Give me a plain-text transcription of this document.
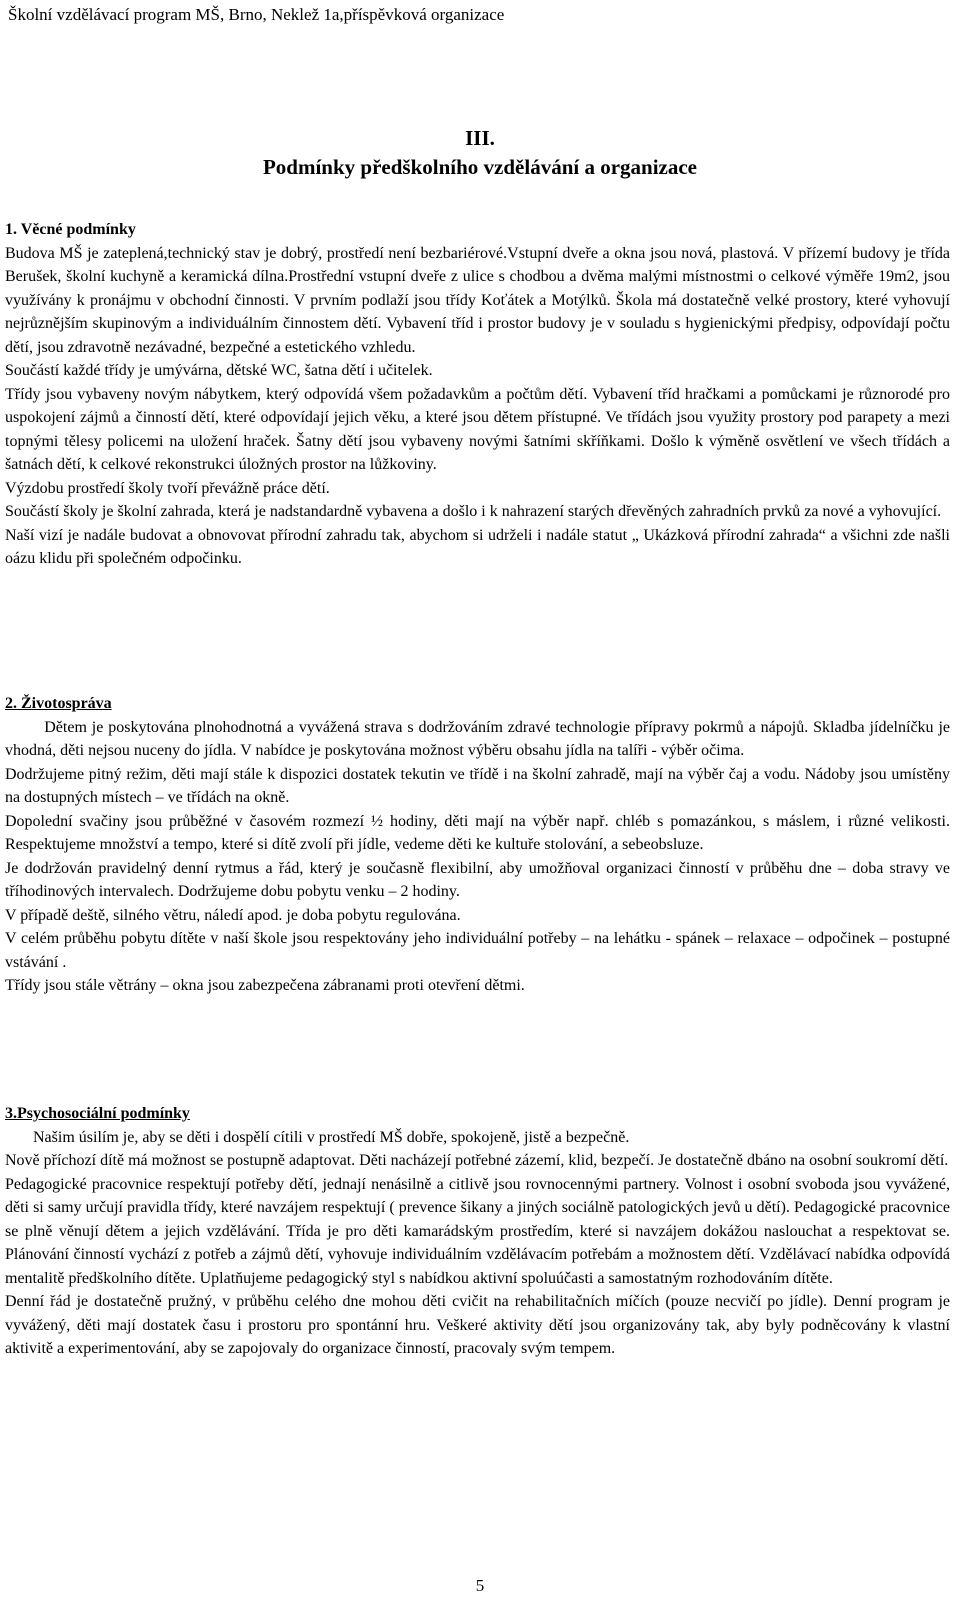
Školní vzdělávací program MŠ, Brno, Neklež 1a,příspěvková organizace
III.
Podmínky předškolního vzdělávání a organizace

1. Věcné podmínky

Budova MŠ je zateplená,technický stav je dobrý, prostředí není bezbariérové.Vstupní dveře a okna jsou nová, plastová. V přízemí budovy je třída Berušek, školní kuchyně a keramická dílna.Prostřední vstupní dveře z ulice s chodbou a dvěma malými místnostmi o celkové výměře 19m2, jsou využívány k pronájmu v obchodní činnosti. V prvním podlaží jsou třídy Koťátek a Motýlků. Škola má dostatečně velké prostory, které vyhovují nejrůznějším skupinovým a individuálním činnostem dětí. Vybavení tříd i prostor budovy je v souladu s hygienickými předpisy, odpovídají počtu dětí, jsou zdravotně nezávadné, bezpečné a estetického vzhledu.

Součástí každé třídy je umývárna, dětské WC, šatna dětí i učitelek.

Třídy jsou vybaveny novým nábytkem, který odpovídá všem požadavkům a počtům dětí. Vybavení tříd hračkami a pomůckami je různorodé pro uspokojení zájmů a činností dětí, které odpovídají jejich věku, a které jsou dětem přístupné. Ve třídách jsou využity prostory pod parapety a mezi topnými tělesy policemi na uložení hraček. Šatny dětí jsou vybaveny novými šatními skříňkami. Došlo k výměně osvětlení ve všech třídách a šatnách dětí, k celkové rekonstrukci úložných prostor na lůžkoviny.

Výzdobu prostředí školy tvoří převážně práce dětí.

Součástí školy je školní zahrada, která je nadstandardně vybavena a došlo i k nahrazení starých dřevěných zahradních prvků za nové a vyhovující.

Naší vizí je nadále budovat a obnovovat přírodní zahradu tak, abychom si udrželi i nadále statut „ Ukázková přírodní zahrada“ a všichni zde našli oázu klidu při společném odpočinku.

2. Životospráva

Dětem je poskytována plnohodnotná a vyvážená strava s dodržováním zdravé technologie přípravy pokrmů a nápojů. Skladba jídelníčku je vhodná, děti nejsou nuceny do jídla. V nabídce je poskytována možnost výběru obsahu jídla na talíři - výběr očima.

Dodržujeme pitný režim, děti mají stále k dispozici dostatek tekutin ve třídě i na školní zahradě, mají na výběr čaj a vodu. Nádoby jsou umístěny na dostupných místech – ve třídách na okně.

Dopolední svačiny jsou průběžné v časovém rozmezí ½ hodiny, děti mají na výběr např. chléb s pomazánkou, s máslem, i různé velikosti. Respektujeme množství a tempo, které si dítě zvolí při jídle, vedeme děti ke kultuře stolování, a sebeobsluze.

Je dodržován pravidelný denní rytmus a řád, který je současně flexibilní, aby umožňoval organizaci činností v průběhu dne – doba stravy ve tříhodinových intervalech. Dodržujeme dobu pobytu venku – 2 hodiny.

V případě deště, silného větru, náledí apod. je doba pobytu regulována.

V celém průběhu pobytu dítěte v naší škole jsou respektovány jeho individuální potřeby – na lehátku - spánek – relaxace – odpočinek – postupné vstávání .

Třídy jsou stále větrány – okna jsou zabezpečena zábranami proti otevření dětmi.

3.Psychosociální podmínky

Našim úsilím je, aby se děti i dospělí cítili v prostředí MŠ dobře, spokojeně, jistě a bezpečně.

Nově příchozí dítě má možnost se postupně adaptovat. Děti nacházejí potřebné zázemí, klid, bezpečí. Je dostatečně dbáno na osobní soukromí dětí.

Pedagogické pracovnice respektují potřeby dětí, jednají nenásilně a citlivě jsou rovnocennými partnery. Volnost i osobní svoboda jsou vyvážené, děti si samy určují pravidla třídy, které navzájem respektují ( prevence šikany a jiných sociálně patologických jevů u dětí). Pedagogické pracovnice se plně věnují dětem a jejich vzdělávání. Třída je pro děti kamarádským prostředím, které si navzájem dokážou naslouchat a respektovat se. Plánování činností vychází z potřeb a zájmů dětí, vyhovuje individuálním vzdělávacím potřebám a možnostem dětí. Vzdělávací nabídka odpovídá mentalitě předškolního dítěte. Uplatňujeme pedagogický styl s nabídkou aktivní spoluúčasti a samostatným rozhodováním dítěte.

Denní řád je dostatečně pružný, v průběhu celého dne mohou děti cvičit na rehabilitačních míčích (pouze necvičí po jídle). Denní program je vyvážený, děti mají dostatek času i prostoru pro spontánní hru. Veškeré aktivity dětí jsou organizovány tak, aby byly podněcovány k vlastní aktivitě a experimentování, aby se zapojovaly do organizace činností, pracovaly svým tempem.

5
